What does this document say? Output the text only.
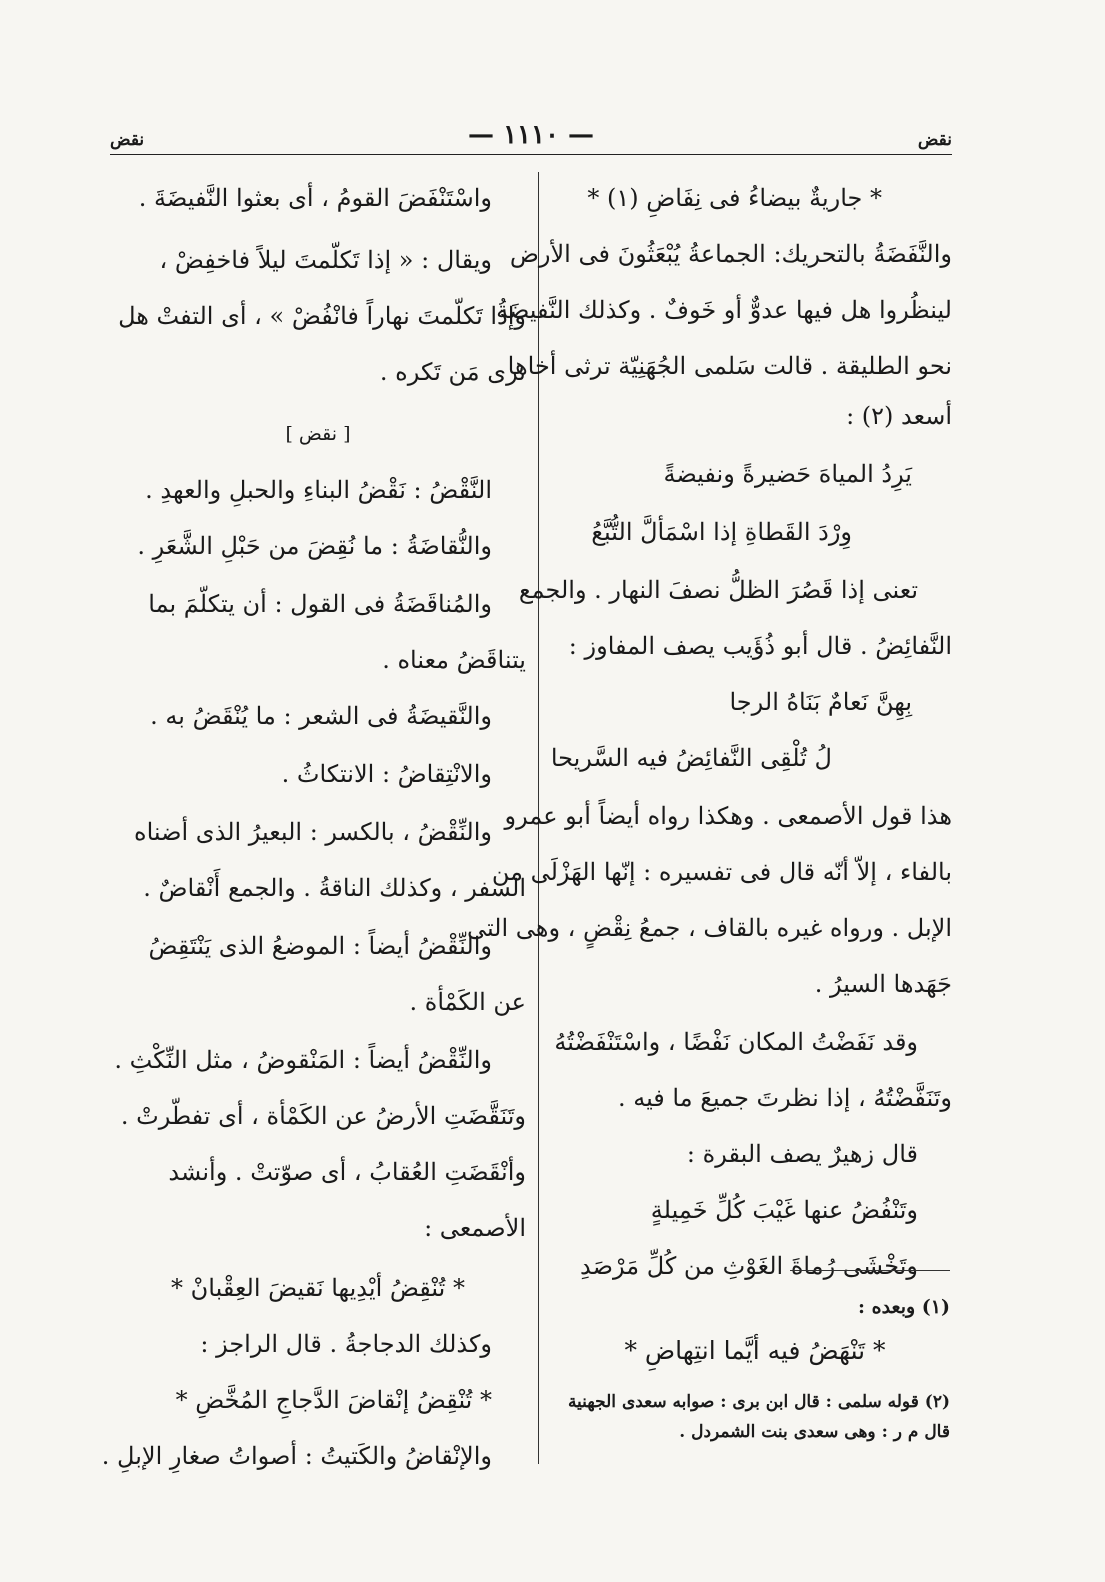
نقض
— ١١١٠ —
نقض
* جاريةٌ بيضاءُ فى نِفَاضِ (١) *
والنَّفَضَةُ بالتحريك: الجماعةُ يُبْعَثُونَ فى الأرض
لينظُروا هل فيها عدوٌّ أو خَوفٌ . وكذلك النَّفيضَةُ
نحو الطليقة . قالت سَلمى الجُهَنِيّة ترثى أخاها
أسعد (٢) :
يَرِدُ المياهَ حَضيرةً ونفيضةً
وِرْدَ القَطاةِ إذا اسْمَألَّ التُّبَّعُ
تعنى إذا قَصُرَ الظلُّ نصفَ النهار . والجمع
النَّفائِضُ . قال أبو ذُؤَيب يصف المفاوز :
بِهِنَّ نَعامٌ بَنَاهُ الرجا
لُ تُلْقِى النَّفائِضُ فيه السَّريحا
هذا قول الأصمعى . وهكذا رواه أيضاً أبو عمرو
بالفاء ، إلاّ أنّه قال فى تفسيره : إنّها الهَزْلَى من
الإبل . ورواه غيره بالقاف ، جمعُ نِقْضٍ ، وهى التى
جَهَدها السيرُ .
وقد نَفَضْتُ المكان نَفْضًا ، واسْتَنْفَضْتُهُ
وتَنَفَّضْتُهُ ، إذا نظرتَ جميعَ ما فيه .
قال زهيرٌ يصف البقرة :
وتَنْفُضُ عنها غَيْبَ كُلِّ خَمِيلةٍ
وتَخْشَى رُماةَ الغَوْثِ من كُلِّ مَرْصَدِ
(١) وبعده :
* تَنْهَضُ فيه أيَّما انتِهاضِ *
(٢) قوله سلمى : قال ابن برى : صوابه سعدى الجهنية
قال م ر : وهى سعدى بنت الشمردل .
واسْتَنْفَضَ القومُ ، أى بعثوا النَّفيضَةَ .
ويقال : « إذا تَكلّمتَ ليلاً فاخفِضْ ،
وإذا تَكلّمتَ نهاراً فانْفُضْ » ، أى التفتْ هل
ترى مَن تَكره .
[ نقض ]
النَّقْضُ : نَقْضُ البناءِ والحبلِ والعهدِ .
والنُّقاضَةُ : ما نُقِضَ من حَبْلِ الشَّعَرِ .
والمُناقَضَةُ فى القول : أن يتكلّمَ بما
يتناقَضُ معناه .
والنَّقيضَةُ فى الشعر : ما يُنْقَضُ به .
والانْتِقاضُ : الانتكاثُ .
والنِّقْضُ ، بالكسر : البعيرُ الذى أضناه
السفر ، وكذلك الناقةُ . والجمع أَنْقاضٌ .
والنِّقْضُ أيضاً : الموضعُ الذى يَنْتَقِضُ
عن الكَمْأة .
والنِّقْضُ أيضاً : المَنْقوضُ ، مثل النِّكْثِ .
وتَنَقَّضَتِ الأرضُ عن الكَمْأة ، أى تفطّرتْ .
وأنْقَضَتِ العُقابُ ، أى صوّتتْ . وأنشد
الأصمعى :
* تُنْقِضُ أيْدِيها نَقيضَ العِقْبانْ *
وكذلك الدجاجةُ . قال الراجز :
* تُنْقِضُ إنْقاضَ الدَّجاجِ المُخَّضِ *
والإنْقاضُ والكَتيتُ : أصواتُ صغارِ الإبلِ .
